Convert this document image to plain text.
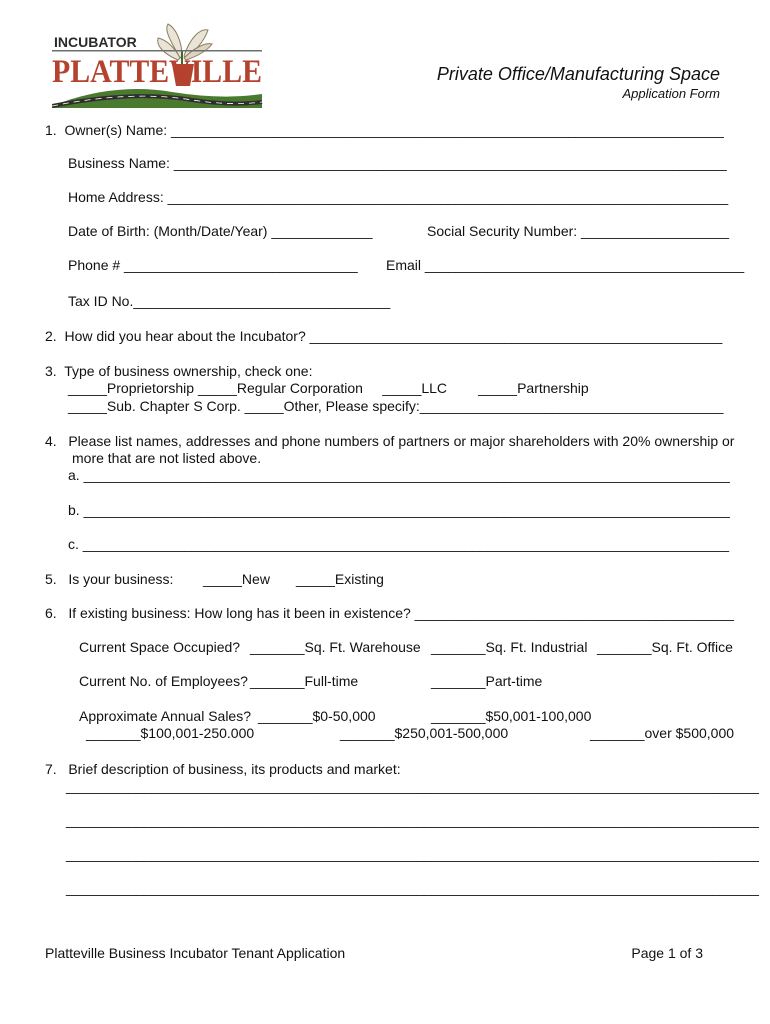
INCUBATOR
PLATTEVILLE	Private Office/Manufacturing Space
Application Form
1.  Owner(s) Name: _______________________________________________________________________
Business Name: _______________________________________________________________________
Home Address: ________________________________________________________________________
Date of Birth: (Month/Date/Year) _____________	Social Security Number: ___________________
Phone # ______________________________ Email _________________________________________
Tax ID No._________________________________
2.  How did you hear about the Incubator? _____________________________________________________
3.  Type of business ownership, check one:
_____Proprietorship _____Regular Corporation     _____LLC        _____Partnership
_____Sub. Chapter S Corp. _____Other, Please specify:_______________________________________
4.   Please list names, addresses and phone numbers of partners or major shareholders with 20% ownership or
more that are not listed above.
a. ___________________________________________________________________________________
b. ___________________________________________________________________________________
c. ___________________________________________________________________________________
5.   Is your business: _____New _____Existing
6.   If existing business: How long has it been in existence? _________________________________________
Current Space Occupied? _______Sq. Ft. Warehouse _______Sq. Ft. Industrial _______Sq. Ft. Office
Current No. of Employees? _______Full-time	_______Part-time
Approximate Annual Sales? _______$0-50,000	_______$50,001-100,000
_______$100,001-250.000	_______$250,001-500,000	_______over $500,000
7.   Brief description of business, its products and market:
_________________________________________________________________________________________
_________________________________________________________________________________________
_________________________________________________________________________________________
_________________________________________________________________________________________
Platteville Business Incubator Tenant Application	Page 1 of 3
